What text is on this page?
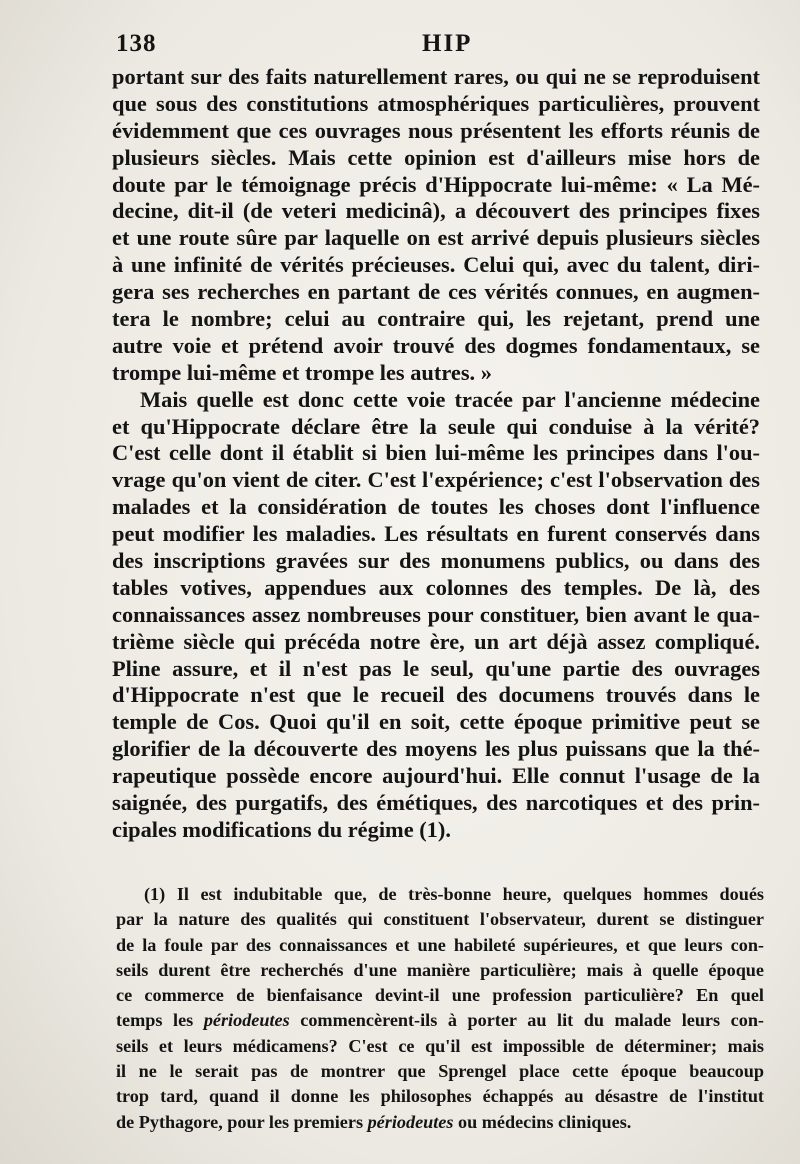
138	HIP
portant sur des faits naturellement rares, ou qui ne se reproduisent
que sous des constitutions atmosphériques particulières, prouvent
évidemment que ces ouvrages nous présentent les efforts réunis de
plusieurs siècles. Mais cette opinion est d'ailleurs mise hors de
doute par le témoignage précis d'Hippocrate lui-même: « La Mé-
decine, dit-il (de veteri medicinâ), a découvert des principes fixes
et une route sûre par laquelle on est arrivé depuis plusieurs siècles
à une infinité de vérités précieuses. Celui qui, avec du talent, diri-
gera ses recherches en partant de ces vérités connues, en augmen-
tera le nombre; celui au contraire qui, les rejetant, prend une
autre voie et prétend avoir trouvé des dogmes fondamentaux, se
trompe lui-même et trompe les autres. »
Mais quelle est donc cette voie tracée par l'ancienne médecine
et qu'Hippocrate déclare être la seule qui conduise à la vérité?
C'est celle dont il établit si bien lui-même les principes dans l'ou-
vrage qu'on vient de citer. C'est l'expérience; c'est l'observation des
malades et la considération de toutes les choses dont l'influence
peut modifier les maladies. Les résultats en furent conservés dans
des inscriptions gravées sur des monumens publics, ou dans des
tables votives, appendues aux colonnes des temples. De là, des
connaissances assez nombreuses pour constituer, bien avant le qua-
trième siècle qui précéda notre ère, un art déjà assez compliqué.
Pline assure, et il n'est pas le seul, qu'une partie des ouvrages
d'Hippocrate n'est que le recueil des documens trouvés dans le
temple de Cos. Quoi qu'il en soit, cette époque primitive peut se
glorifier de la découverte des moyens les plus puissans que la thé-
rapeutique possède encore aujourd'hui. Elle connut l'usage de la
saignée, des purgatifs, des émétiques, des narcotiques et des prin-
cipales modifications du régime (1).
(1) Il est indubitable que, de très-bonne heure, quelques hommes doués
par la nature des qualités qui constituent l'observateur, durent se distinguer
de la foule par des connaissances et une habileté supérieures, et que leurs con-
seils durent être recherchés d'une manière particulière; mais à quelle époque
ce commerce de bienfaisance devint-il une profession particulière? En quel
temps les périodeutes commencèrent-ils à porter au lit du malade leurs con-
seils et leurs médicamens? C'est ce qu'il est impossible de déterminer; mais
il ne le serait pas de montrer que Sprengel place cette époque beaucoup
trop tard, quand il donne les philosophes échappés au désastre de l'institut
de Pythagore, pour les premiers périodeutes ou médecins cliniques.
